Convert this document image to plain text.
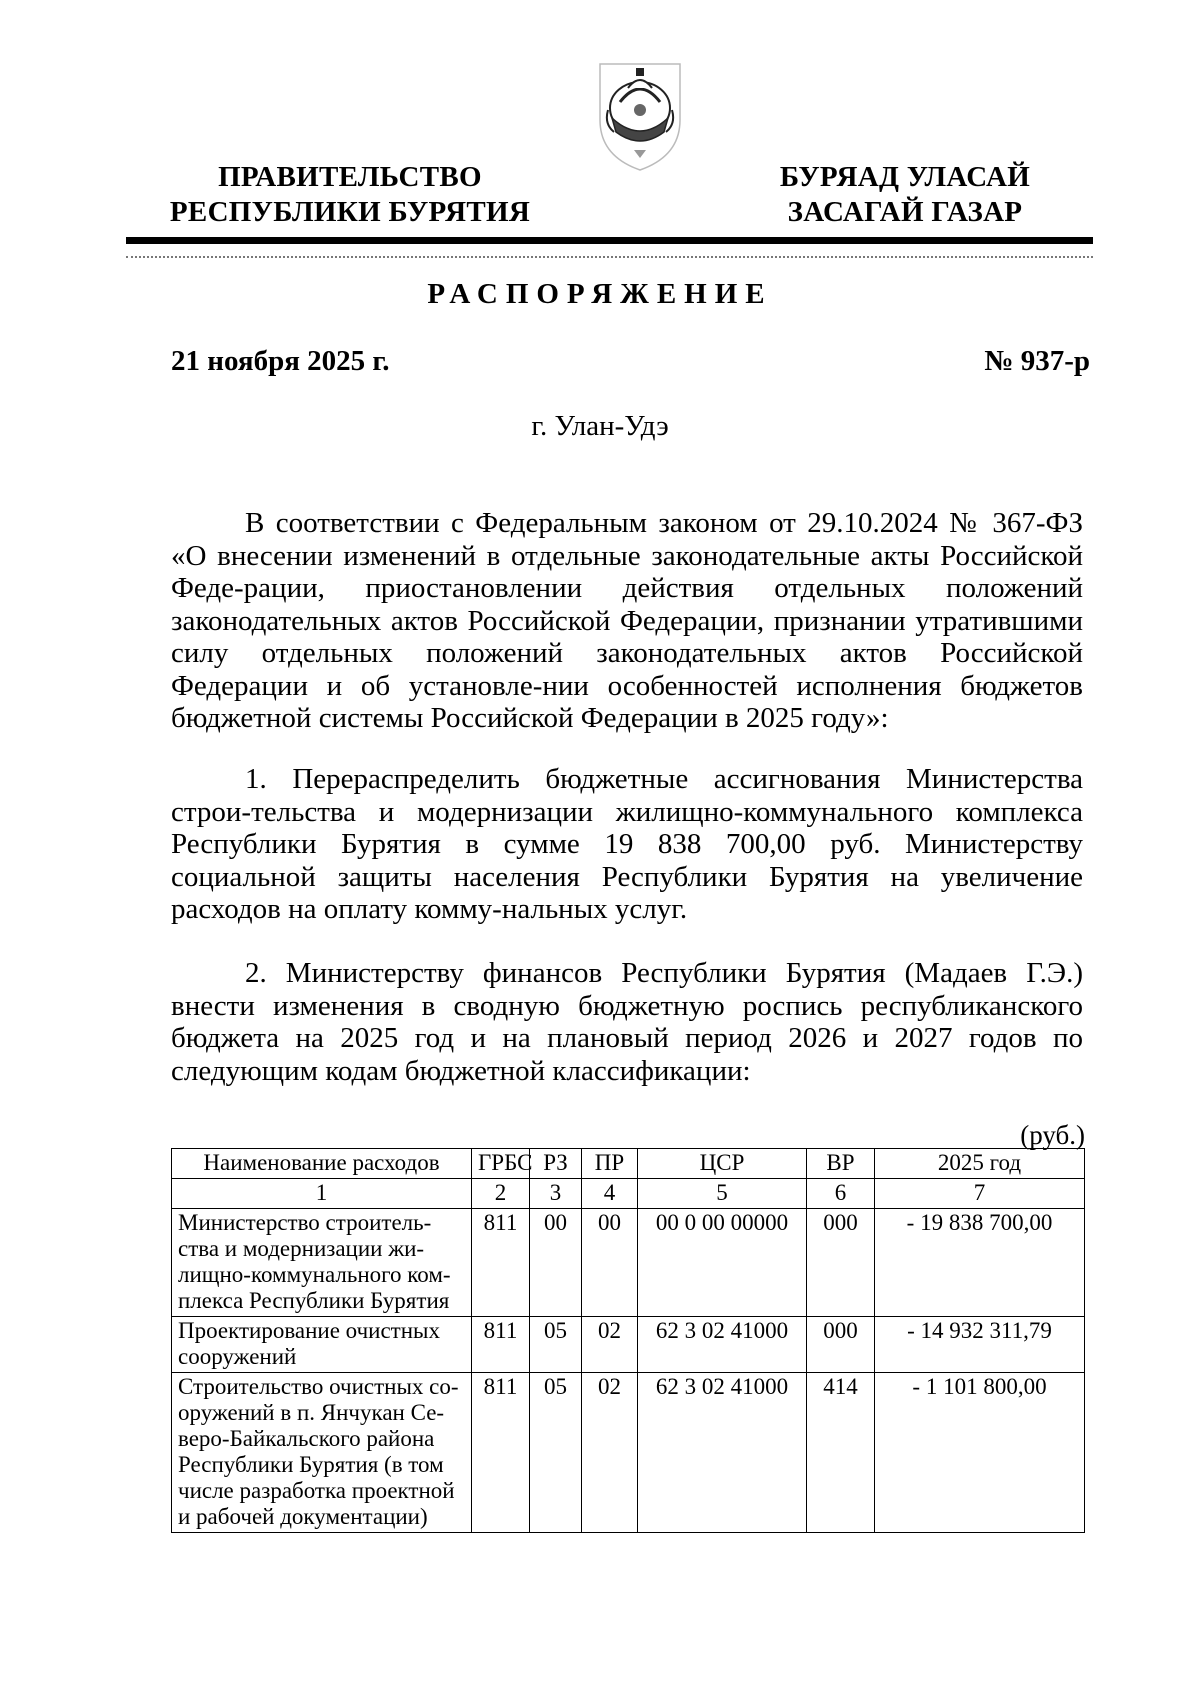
ПРАВИТЕЛЬСТВО
РЕСПУБЛИКИ БУРЯТИЯ
БУРЯАД УЛАСАЙ
ЗАСАГАЙ ГАЗАР
РАСПОРЯЖЕНИЕ
21 ноября 2025 г.	№ 937-р
г. Улан-Удэ
В соответствии с Федеральным законом от 29.10.2024 № 367-ФЗ «О внесении изменений в отдельные законодательные акты Российской Феде-рации, приостановлении действия отдельных положений законодательных актов Российской Федерации, признании утратившими силу отдельных положений законодательных актов Российской Федерации и об установле-нии особенностей исполнения бюджетов бюджетной системы Российской Федерации в 2025 году»:
1. Перераспределить бюджетные ассигнования Министерства строи-тельства и модернизации жилищно-коммунального комплекса Республики Бурятия в сумме 19 838 700,00 руб. Министерству социальной защиты населения Республики Бурятия на увеличение расходов на оплату комму-нальных услуг.
2. Министерству финансов Республики Бурятия (Мадаев Г.Э.) внести изменения в сводную бюджетную роспись республиканского бюджета на 2025 год и на плановый период 2026 и 2027 годов по следующим кодам бюджетной классификации:
(руб.)
Наименование расходов	ГРБС	РЗ	ПР	ЦСР	ВР	2025 год
1	2	3	4	5	6	7
Министерство строитель-ства и модернизации жи-лищно-коммунального ком-плекса Республики Бурятия	811	00	00	00 0 00 00000	000	- 19 838 700,00
Проектирование очистных сооружений	811	05	02	62 3 02 41000	000	- 14 932 311,79
Строительство очистных со-оружений в п. Янчукан Се-веро-Байкальского района Республики Бурятия (в том числе разработка проектной и рабочей документации)	811	05	02	62 3 02 41000	414	- 1 101 800,00
